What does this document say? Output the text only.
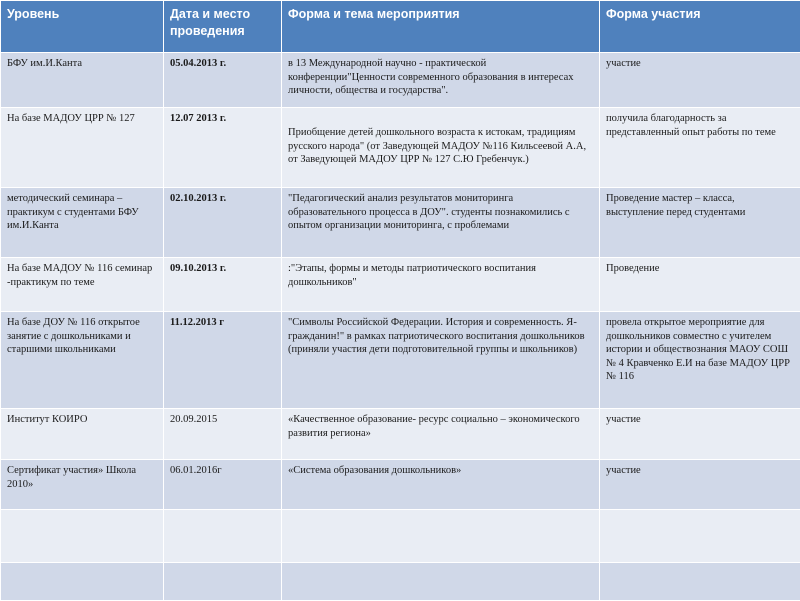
Уровень	Дата и место проведения	Форма и тема мероприятия	Форма участия
БФУ им.И.Канта	05.04.2013 г.	в 13 Международной научно - практической конференции"Ценности современного образования в интересах личности, общества и государства".	участие
На базе МАДОУ ЦРР № 127	12.07 2013 г.	Приобщение детей дошкольного возраста к истокам, традициям русского народа" (от Заведующей МАДОУ №116 Кильсеевой А.А, от Заведующей МАДОУ ЦРР № 127 С.Ю Гребенчук.)	получила благодарность за представленный опыт работы по теме
методический семинара – практикум с студентами БФУ им.И.Канта	02.10.2013 г.	"Педагогический анализ результатов мониторинга образовательного процесса в ДОУ". студенты познакомились с опытом организации мониторинга, с проблемами	Проведение мастер – класса, выступление перед студентами
На базе МАДОУ № 116 семинар -практикум по теме	09.10.2013 г.	:"Этапы, формы и методы патриотического воспитания дошкольников"	Проведение
На базе ДОУ № 116 открытое занятие с дошкольниками и старшими школьниками	11.12.2013 г	"Символы Российской Федерации. История и современность. Я- гражданин!" в рамках патриотического воспитания дошкольников (приняли участия дети подготовительной группы и школьников)	провела открытое мероприятие для дошкольников совместно с учителем истории и обществознания МАОУ СОШ № 4 Кравченко Е.И на базе МАДОУ ЦРР № 116
Институт КОИРО	20.09.2015	«Качественное образование- ресурс социально – экономического развития региона»	участие
Сертификат участия» Школа 2010»	06.01.2016г	«Система образования дошкольников»	участие
